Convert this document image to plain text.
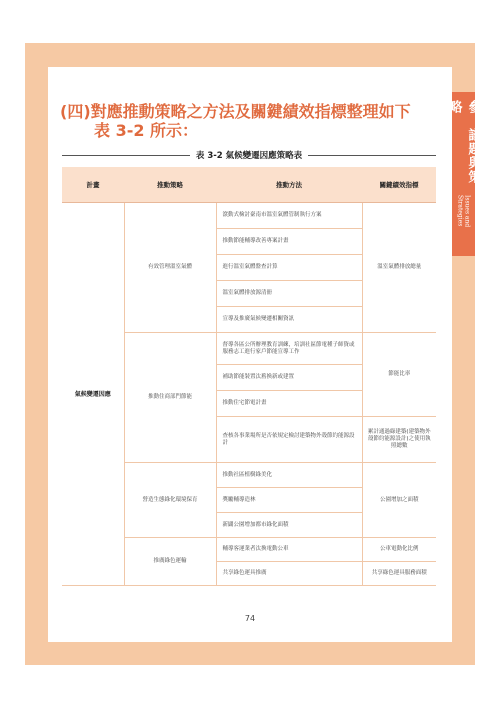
參、議題與策略
Issues and Strategies
(四)對應推動策略之方法及關鍵績效指標整理如下
表 3-2 所示：
表 3-2 氣候變遷因應策略表
計畫	推動策略	推動方法	關鍵績效指標
氣候變遷因應	有效管理溫室氣體	滾動式檢討臺南市溫室氣體管制執行方案	溫室氣體排放總量
		推動節能輔導改善專案計畫	
		進行溫室氣體盤查計算	
		溫室氣體排放源清冊	
		宣導及推廣氣候變遷相關資訊	
	推動住商部門節能	督導各區公所辦理教育訓練，培訓社區節電種子師資或服務志工進行家戶節能宣導工作	節能比率
		補助節能裝置汰舊換新或建置	
		推動住宅節電計畫	
		查核各事業場所是否依規定檢討建築物外殼節約能源設計	累計通過綠建築(建築物外殼節約能源設計)之使用執照總數
	營造生態綠化環境保育	推動社區植樹綠美化	公園增加之面積
		獎勵輔導造林	
		新闢公園增加都市綠化面積	
	推廣綠色運輸	輔導客運業者汰換電動公車	公車電動化比例
		共享綠色運具推廣	共享綠色運具服務面積

74
